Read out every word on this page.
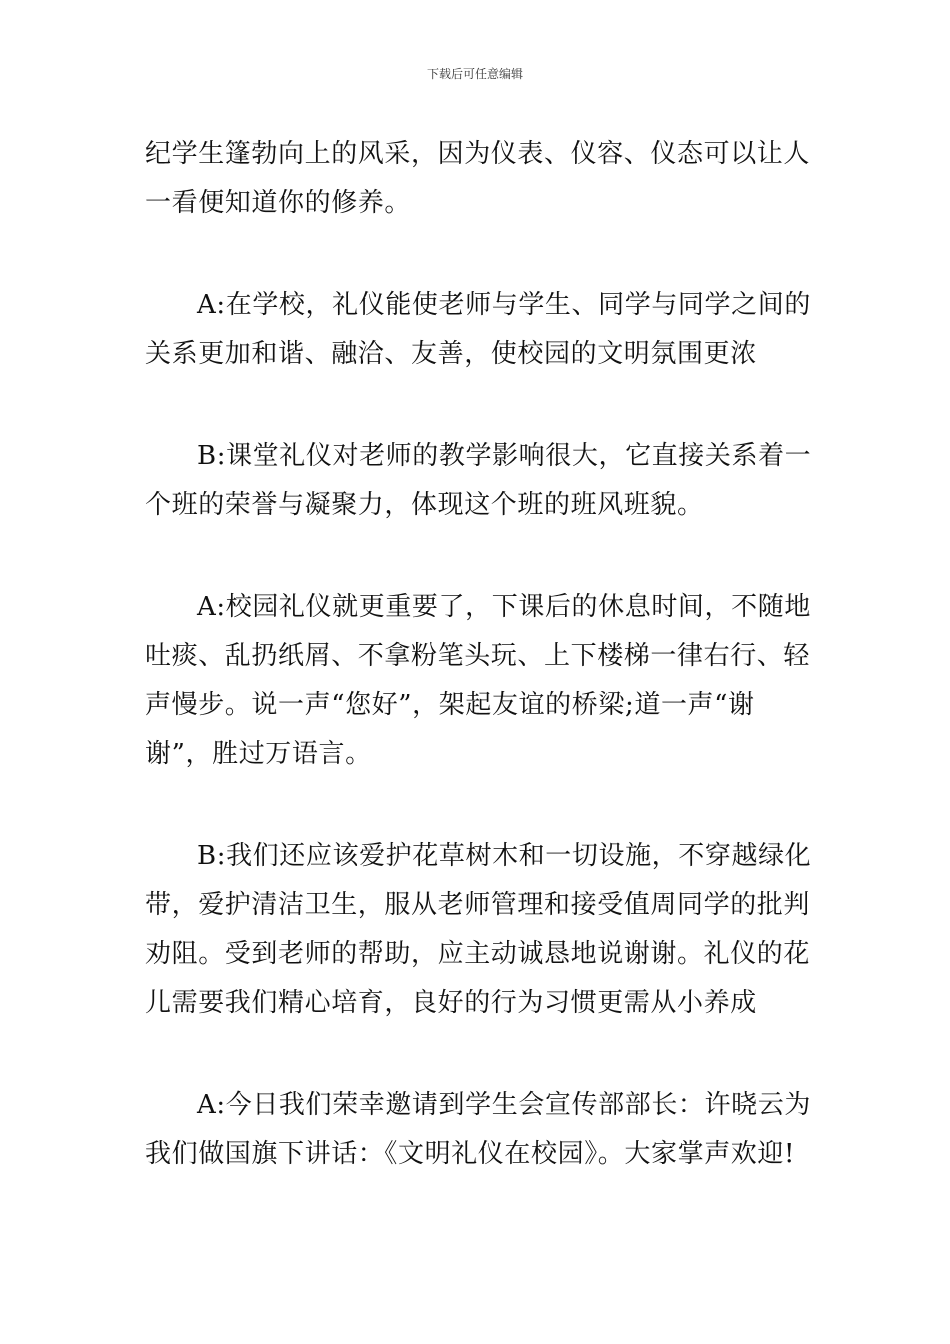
下载后可任意编辑

纪学生篷勃向上的风采，因为仪表、仪容、仪态可以让人
一看便知道你的修养。

A:在学校，礼仪能使老师与学生、同学与同学之间的
关系更加和谐、融洽、友善，使校园的文明氛围更浓

B:课堂礼仪对老师的教学影响很大，它直接关系着一
个班的荣誉与凝聚力，体现这个班的班风班貌。

A:校园礼仪就更重要了，下课后的休息时间，不随地
吐痰、乱扔纸屑、不拿粉笔头玩、上下楼梯一律右行、轻
声慢步。说一声“您好”，架起友谊的桥梁;道一声“谢
谢”，胜过万语言。

B:我们还应该爱护花草树木和一切设施，不穿越绿化
带，爱护清洁卫生，服从老师管理和接受值周同学的批判
劝阻。受到老师的帮助，应主动诚恳地说谢谢。礼仪的花
儿需要我们精心培育，良好的行为习惯更需从小养成

A:今日我们荣幸邀请到学生会宣传部部长：许晓云为
我们做国旗下讲话：《文明礼仪在校园》。大家掌声欢迎!
